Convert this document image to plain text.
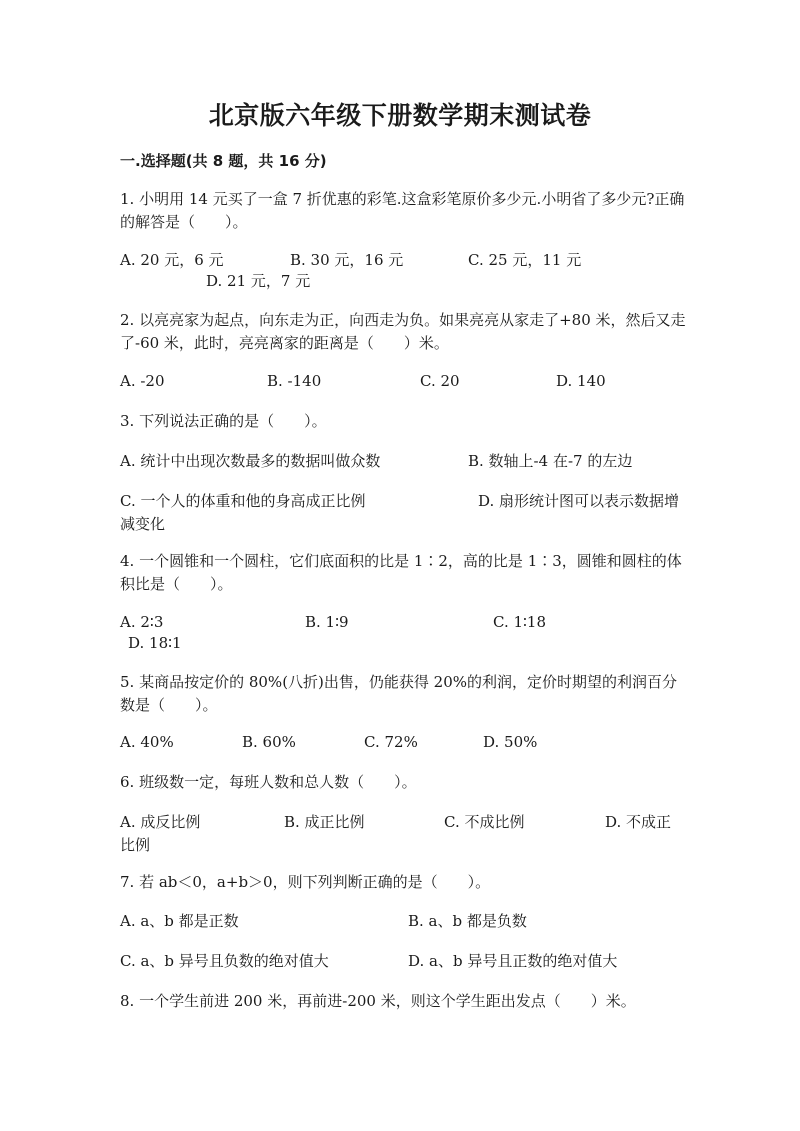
北京版六年级下册数学期末测试卷
一.选择题(共 8 题，共 16 分)
1. 小明用 14 元买了一盒 7 折优惠的彩笔.这盒彩笔原价多少元.小明省了多少元?正确的解答是（　　）。
A. 20 元，6 元	B. 30 元，16 元	C. 25 元，11 元
D. 21 元，7 元
2. 以亮亮家为起点，向东走为正，向西走为负。如果亮亮从家走了+80 米，然后又走了-60 米，此时，亮亮离家的距离是（　　）米。
A. -20	B. -140	C. 20	D. 140
3. 下列说法正确的是（　　）。
A. 统计中出现次数最多的数据叫做众数	B. 数轴上-4 在-7 的左边
C. 一个人的体重和他的身高成正比例	D. 扇形统计图可以表示数据增减变化
4. 一个圆锥和一个圆柱，它们底面积的比是 1∶2，高的比是 1∶3，圆锥和圆柱的体积比是（　　）。
A. 2∶3	B. 1∶9	C. 1∶18
D. 18∶1
5. 某商品按定价的 80%(八折)出售，仍能获得 20%的利润，定价时期望的利润百分数是（　　）。
A. 40%	B. 60%	C. 72%	D. 50%
6. 班级数一定，每班人数和总人数（　　）。
A. 成反比例	B. 成正比例	C. 不成比例	D. 不成正比例
7. 若 ab＜0，a+b＞0，则下列判断正确的是（　　）。
A. a、b 都是正数	B. a、b 都是负数
C. a、b 异号且负数的绝对值大	D. a、b 异号且正数的绝对值大
8. 一个学生前进 200 米，再前进-200 米，则这个学生距出发点（　　）米。
